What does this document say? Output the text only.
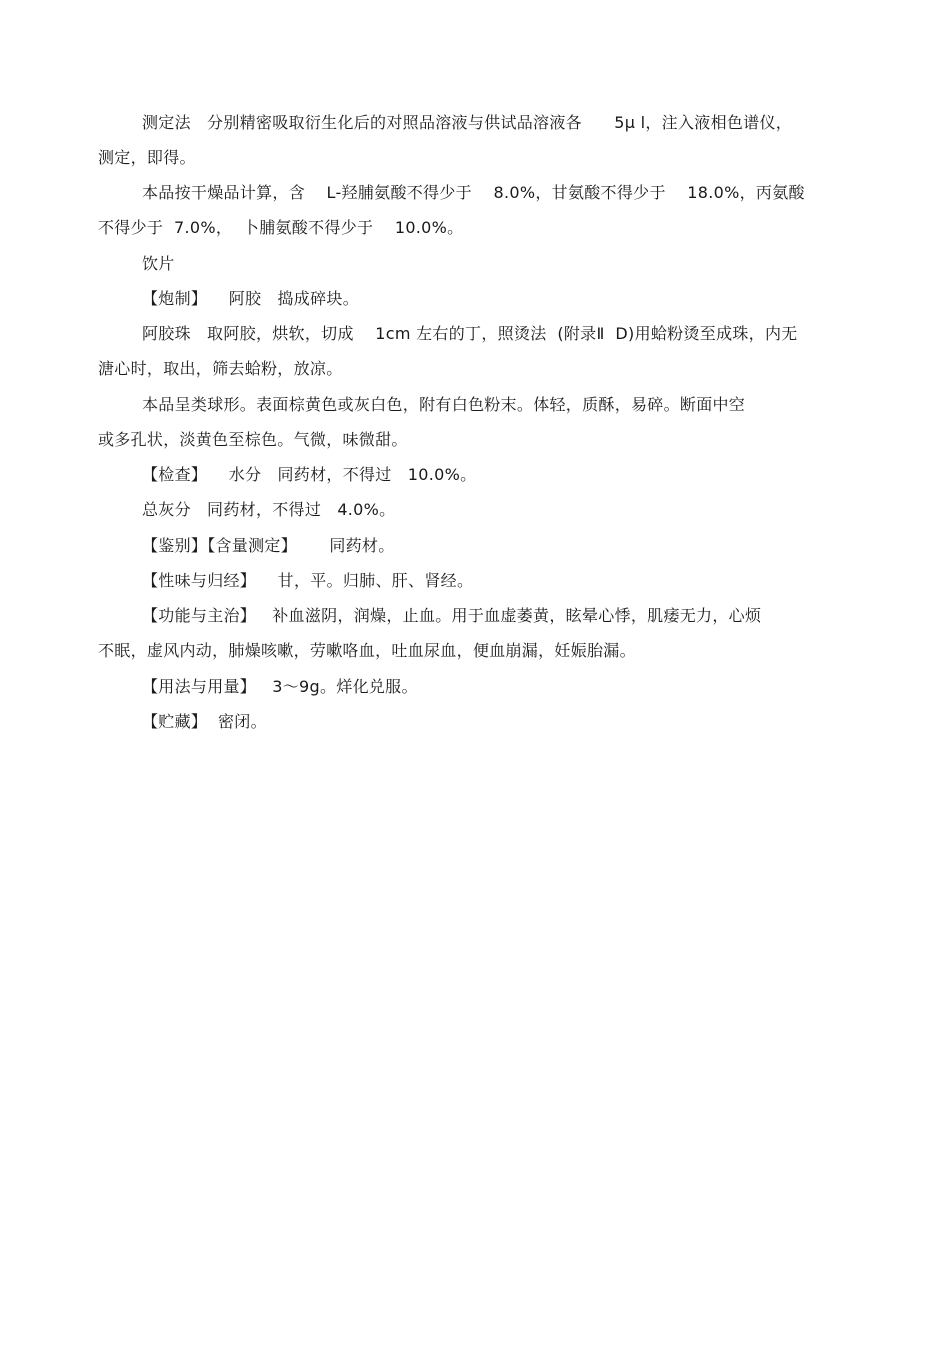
测定法   分别精密吸取衍生化后的对照品溶液与供试品溶液各      5μ l，注入液相色谱仪，
测定，即得。
本品按干燥品计算，含    L-羟脯氨酸不得少于    8.0%，甘氨酸不得少于    18.0%，丙氨酸
不得少于  7.0%，  卜脯氨酸不得少于    10.0%。
饮片
【炮制】    阿胶   捣成碎块。
阿胶珠   取阿胶，烘软，切成    1cm 左右的丁，照烫法  (附录Ⅱ  D)用蛤粉烫至成珠，内无
溏心时，取出，筛去蛤粉，放凉。
本品呈类球形。表面棕黄色或灰白色，附有白色粉末。体轻，质酥，易碎。断面中空
或多孔状，淡黄色至棕色。气微，味微甜。
【检查】    水分   同药材，不得过   10.0%。
总灰分   同药材，不得过   4.0%。
【鉴别】【含量测定】      同药材。
【性味与归经】    甘，平。归肺、肝、肾经。
【功能与主治】   补血滋阴，润燥，止血。用于血虚萎黄，眩晕心悸，肌痿无力，心烦
不眠，虚风内动，肺燥咳嗽，劳嗽咯血，吐血尿血，便血崩漏，妊娠胎漏。
【用法与用量】   3～9g。烊化兑服。
【贮藏】  密闭。
